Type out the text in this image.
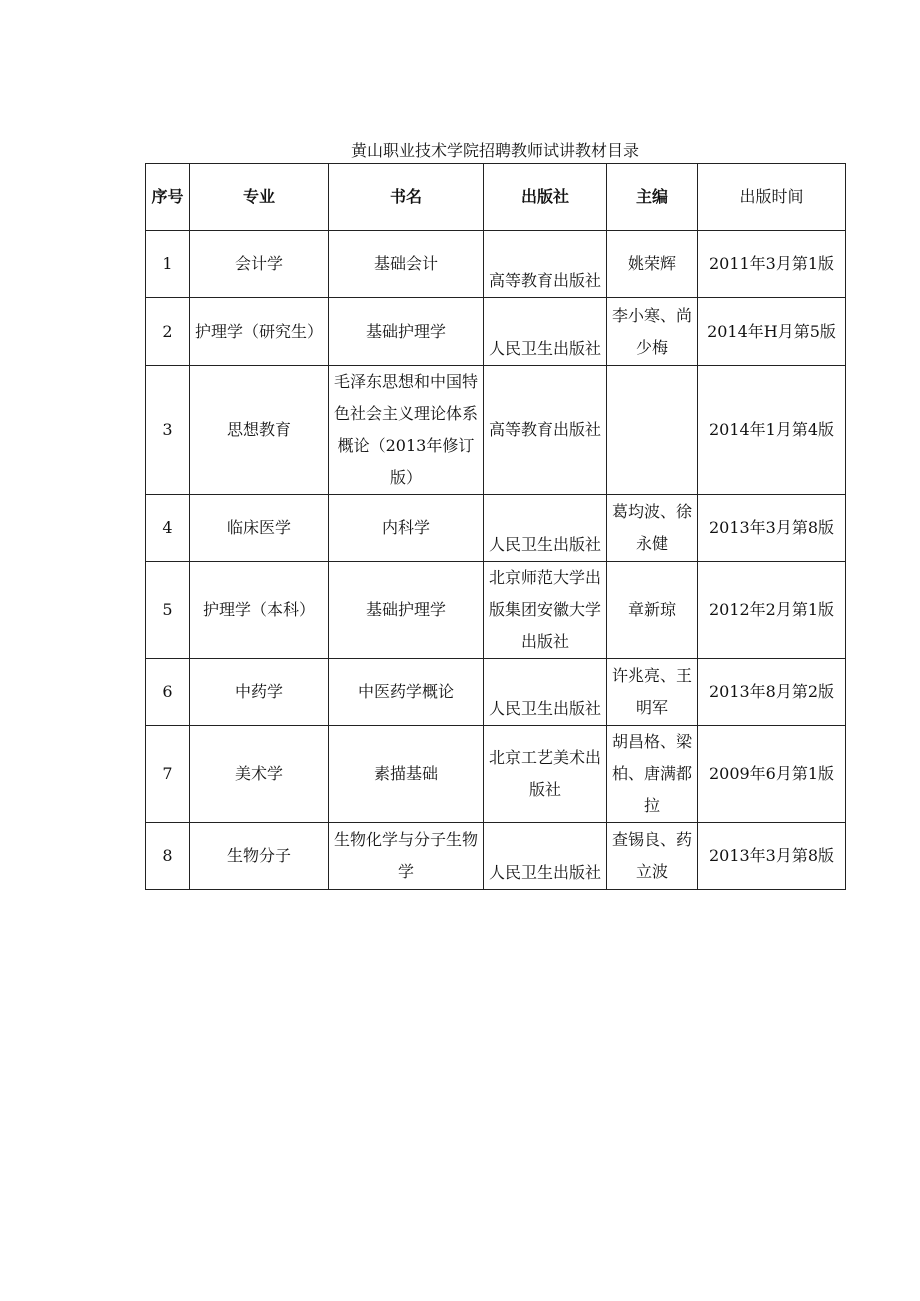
黄山职业技术学院招聘教师试讲教材目录
序号	专业	书名	出版社	主编	出版时间
1	会计学	基础会计	高等教育出版社	姚荣辉	2011年3月第1版
2	护理学（研究生）	基础护理学	人民卫生出版社	李小寒、尚少梅	2014年H月第5版
3	思想教育	毛泽东思想和中国特色社会主义理论体系概论（2013年修订版）	高等教育出版社		2014年1月第4版
4	临床医学	内科学	人民卫生出版社	葛均波、徐永健	2013年3月第8版
5	护理学（本科）	基础护理学	北京师范大学出版集团安徽大学出版社	章新琼	2012年2月第1版
6	中药学	中医药学概论	人民卫生出版社	许兆亮、王明军	2013年8月第2版
7	美术学	素描基础	北京工艺美术出版社	胡昌格、梁柏、唐满都拉	2009年6月第1版
8	生物分子	生物化学与分子生物学	人民卫生出版社	查锡良、药立波	2013年3月第8版
